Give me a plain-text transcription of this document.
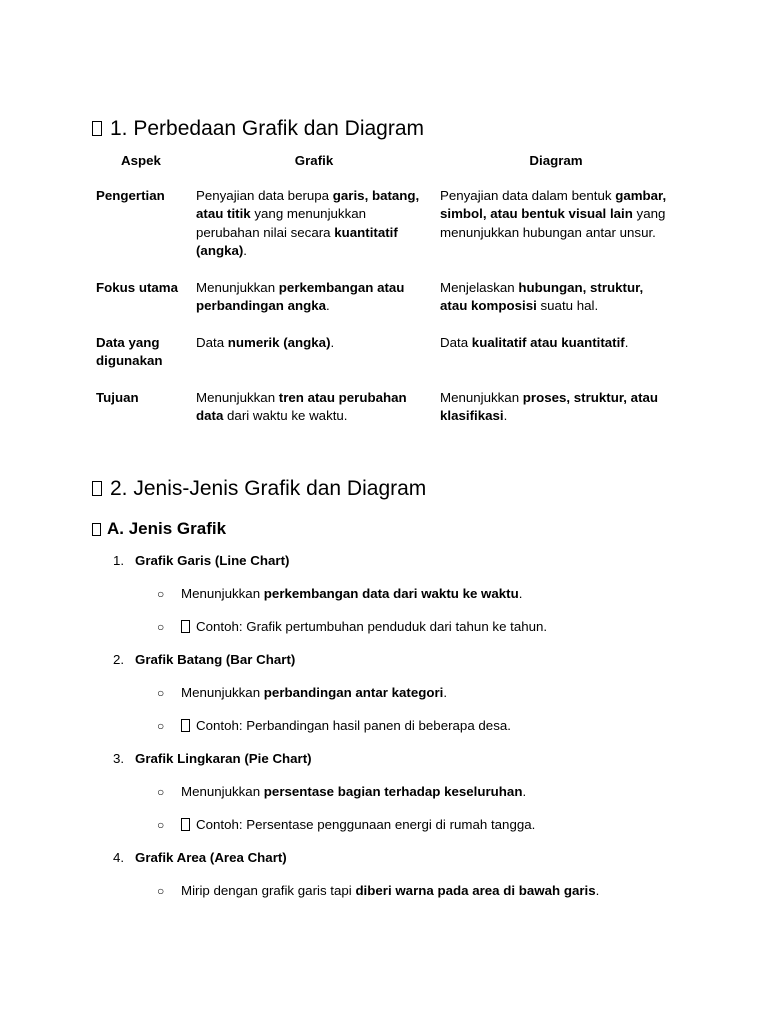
1. Perbedaan Grafik dan Diagram
Aspek	Grafik	Diagram
Pengertian	Penyajian data berupa garis, batang, atau titik yang menunjukkan perubahan nilai secara kuantitatif (angka).	Penyajian data dalam bentuk gambar, simbol, atau bentuk visual lain yang menunjukkan hubungan antar unsur.
Fokus utama	Menunjukkan perkembangan atau perbandingan angka.	Menjelaskan hubungan, struktur, atau komposisi suatu hal.
Data yang digunakan	Data numerik (angka).	Data kualitatif atau kuantitatif.
Tujuan	Menunjukkan tren atau perubahan data dari waktu ke waktu.	Menunjukkan proses, struktur, atau klasifikasi.
2. Jenis-Jenis Grafik dan Diagram
A. Jenis Grafik
1. Grafik Garis (Line Chart)
○ Menunjukkan perkembangan data dari waktu ke waktu.
○ Contoh: Grafik pertumbuhan penduduk dari tahun ke tahun.
2. Grafik Batang (Bar Chart)
○ Menunjukkan perbandingan antar kategori.
○ Contoh: Perbandingan hasil panen di beberapa desa.
3. Grafik Lingkaran (Pie Chart)
○ Menunjukkan persentase bagian terhadap keseluruhan.
○ Contoh: Persentase penggunaan energi di rumah tangga.
4. Grafik Area (Area Chart)
○ Mirip dengan grafik garis tapi diberi warna pada area di bawah garis.
